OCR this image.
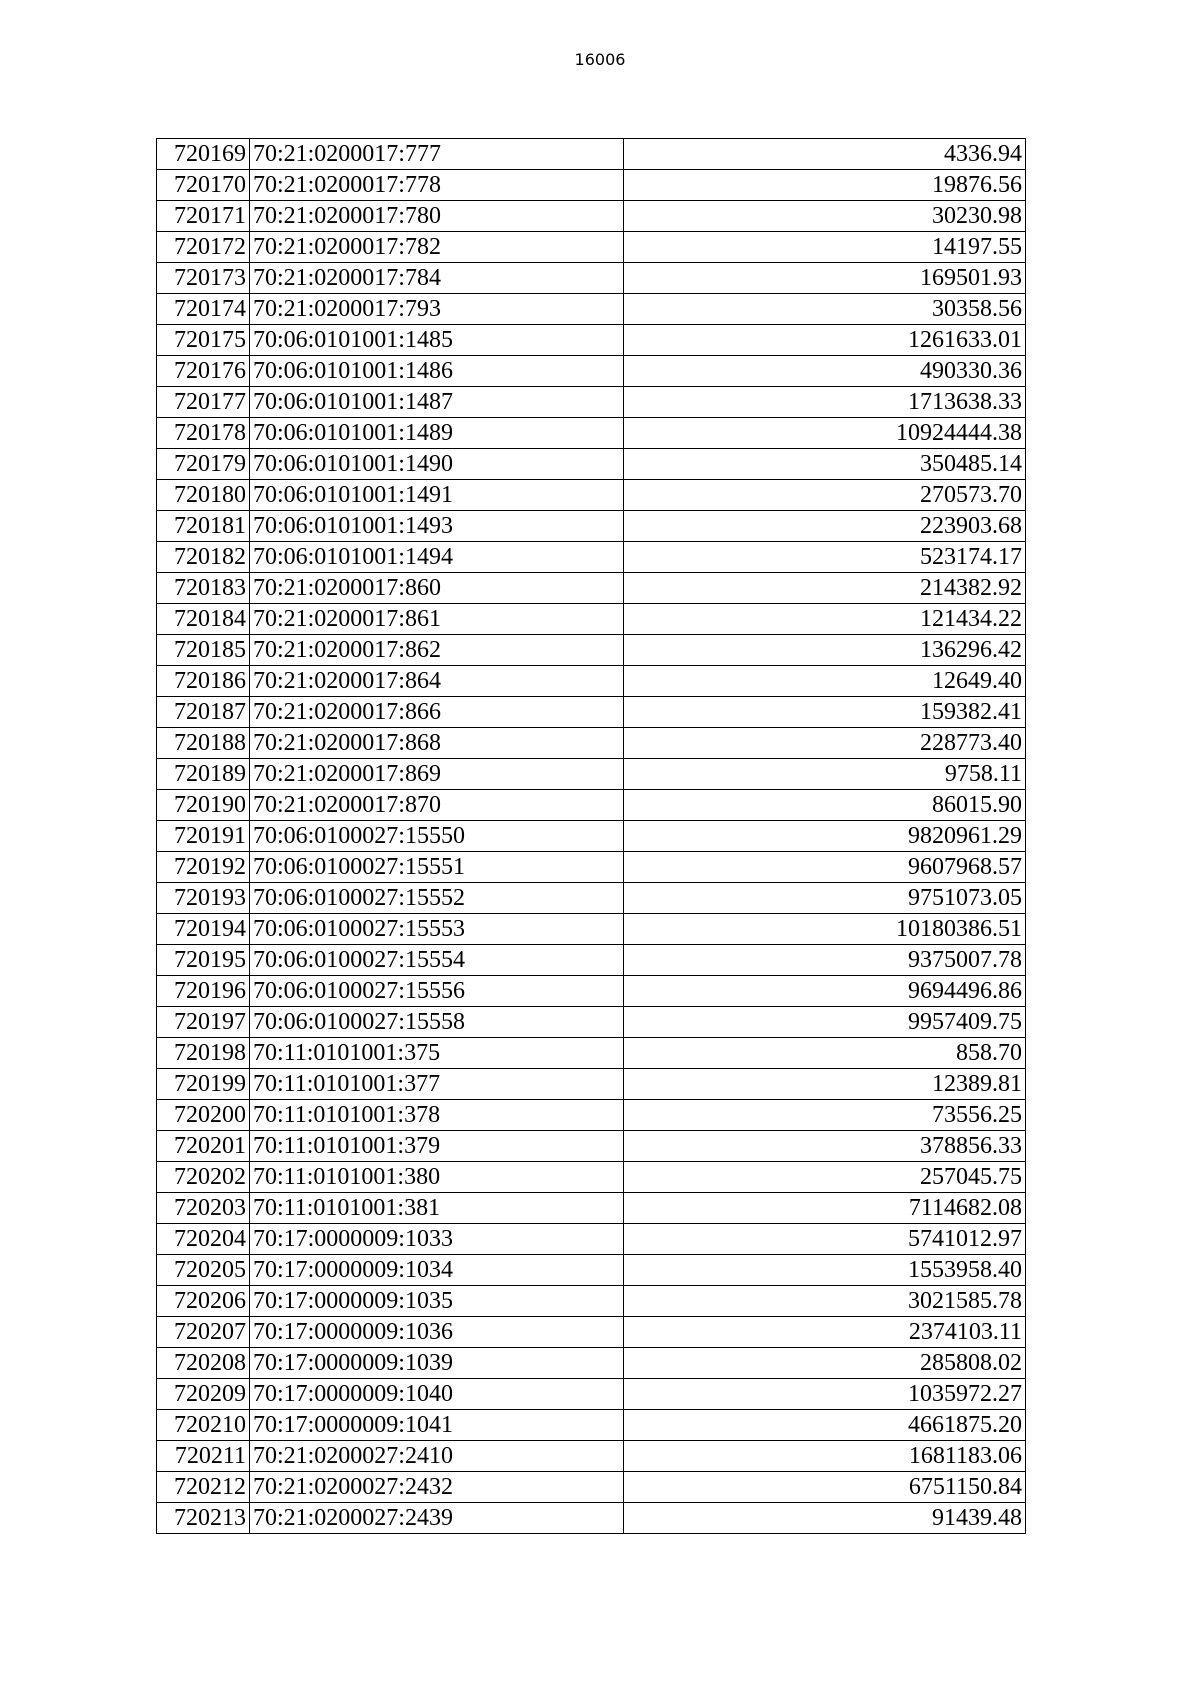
16006
720169	70:21:0200017:777	4336.94
720170	70:21:0200017:778	19876.56
720171	70:21:0200017:780	30230.98
720172	70:21:0200017:782	14197.55
720173	70:21:0200017:784	169501.93
720174	70:21:0200017:793	30358.56
720175	70:06:0101001:1485	1261633.01
720176	70:06:0101001:1486	490330.36
720177	70:06:0101001:1487	1713638.33
720178	70:06:0101001:1489	10924444.38
720179	70:06:0101001:1490	350485.14
720180	70:06:0101001:1491	270573.70
720181	70:06:0101001:1493	223903.68
720182	70:06:0101001:1494	523174.17
720183	70:21:0200017:860	214382.92
720184	70:21:0200017:861	121434.22
720185	70:21:0200017:862	136296.42
720186	70:21:0200017:864	12649.40
720187	70:21:0200017:866	159382.41
720188	70:21:0200017:868	228773.40
720189	70:21:0200017:869	9758.11
720190	70:21:0200017:870	86015.90
720191	70:06:0100027:15550	9820961.29
720192	70:06:0100027:15551	9607968.57
720193	70:06:0100027:15552	9751073.05
720194	70:06:0100027:15553	10180386.51
720195	70:06:0100027:15554	9375007.78
720196	70:06:0100027:15556	9694496.86
720197	70:06:0100027:15558	9957409.75
720198	70:11:0101001:375	858.70
720199	70:11:0101001:377	12389.81
720200	70:11:0101001:378	73556.25
720201	70:11:0101001:379	378856.33
720202	70:11:0101001:380	257045.75
720203	70:11:0101001:381	7114682.08
720204	70:17:0000009:1033	5741012.97
720205	70:17:0000009:1034	1553958.40
720206	70:17:0000009:1035	3021585.78
720207	70:17:0000009:1036	2374103.11
720208	70:17:0000009:1039	285808.02
720209	70:17:0000009:1040	1035972.27
720210	70:17:0000009:1041	4661875.20
720211	70:21:0200027:2410	1681183.06
720212	70:21:0200027:2432	6751150.84
720213	70:21:0200027:2439	91439.48
